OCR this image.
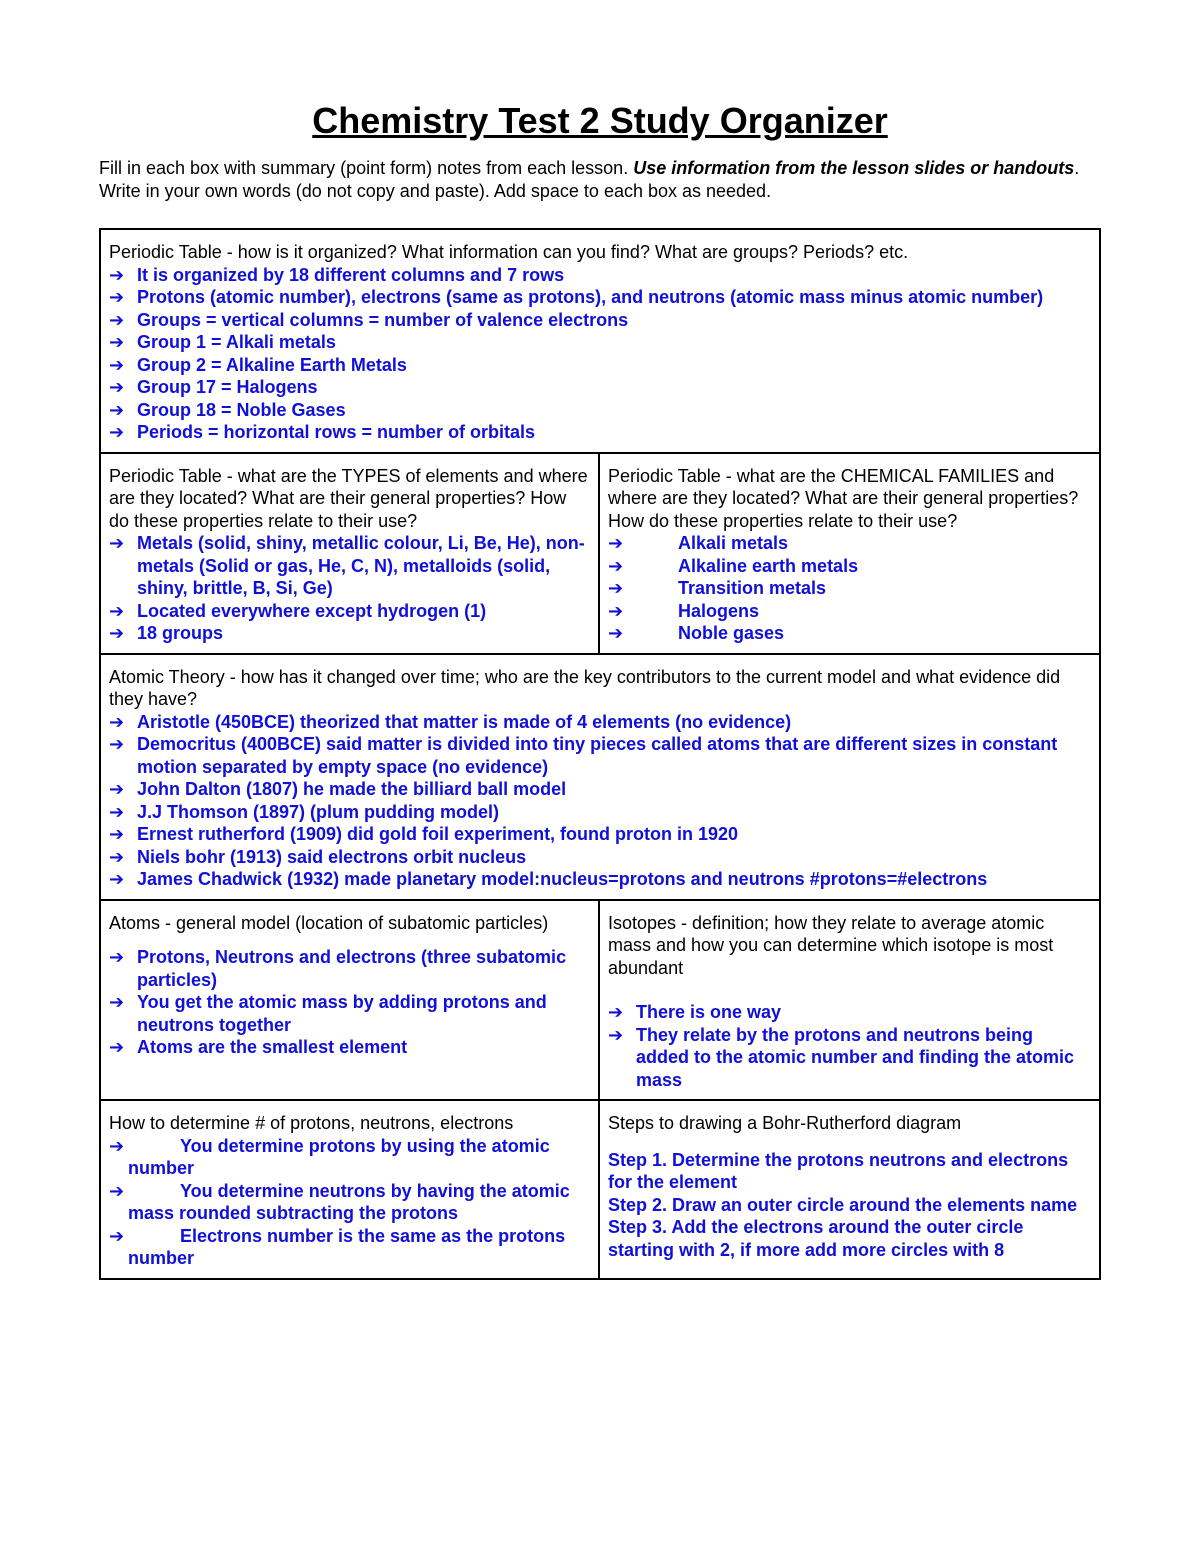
Chemistry Test 2 Study Organizer
Fill in each box with summary (point form) notes from each lesson. Use information from the lesson slides or handouts. Write in your own words (do not copy and paste). Add space to each box as needed.
Periodic Table - how is it organized? What information can you find? What are groups? Periods? etc.
➔ It is organized by 18 different columns and 7 rows
➔ Protons (atomic number), electrons (same as protons), and neutrons (atomic mass minus atomic number)
➔ Groups = vertical columns = number of valence electrons
➔ Group 1 = Alkali metals
➔ Group 2 = Alkaline Earth Metals
➔ Group 17 = Halogens
➔ Group 18 = Noble Gases
➔ Periods = horizontal rows = number of orbitals
Periodic Table - what are the TYPES of elements and where are they located? What are their general properties? How do these properties relate to their use?
➔ Metals (solid, shiny, metallic colour, Li, Be, He), non-metals (Solid or gas, He, C, N), metalloids (solid, shiny, brittle, B, Si, Ge)
➔ Located everywhere except hydrogen (1)
➔ 18 groups
Periodic Table - what are the CHEMICAL FAMILIES and where are they located? What are their general properties? How do these properties relate to their use?
➔ Alkali metals
➔ Alkaline earth metals
➔ Transition metals
➔ Halogens
➔ Noble gases
Atomic Theory - how has it changed over time; who are the key contributors to the current model and what evidence did they have?
➔ Aristotle (450BCE) theorized that matter is made of 4 elements (no evidence)
➔ Democritus (400BCE) said matter is divided into tiny pieces called atoms that are different sizes in constant motion separated by empty space (no evidence)
➔ John Dalton (1807) he made the billiard ball model
➔ J.J Thomson (1897) (plum pudding model)
➔ Ernest rutherford (1909) did gold foil experiment, found proton in 1920
➔ Niels bohr (1913) said electrons orbit nucleus
➔ James Chadwick (1932) made planetary model:nucleus=protons and neutrons #protons=#electrons
Atoms - general model (location of subatomic particles)
➔ Protons, Neutrons and electrons (three subatomic particles)
➔ You get the atomic mass by adding protons and neutrons together
➔ Atoms are the smallest element
Isotopes - definition; how they relate to average atomic mass and how you can determine which isotope is most abundant
➔ There is one way
➔ They relate by the protons and neutrons being added to the atomic number and finding the atomic mass
How to determine # of protons, neutrons, electrons
➔ You determine protons by using the atomic number
➔ You determine neutrons by having the atomic mass rounded subtracting the protons
➔ Electrons number is the same as the protons number
Steps to drawing a Bohr-Rutherford diagram
Step 1. Determine the protons neutrons and electrons for the element
Step 2. Draw an outer circle around the elements name
Step 3. Add the electrons around the outer circle starting with 2, if more add more circles with 8
